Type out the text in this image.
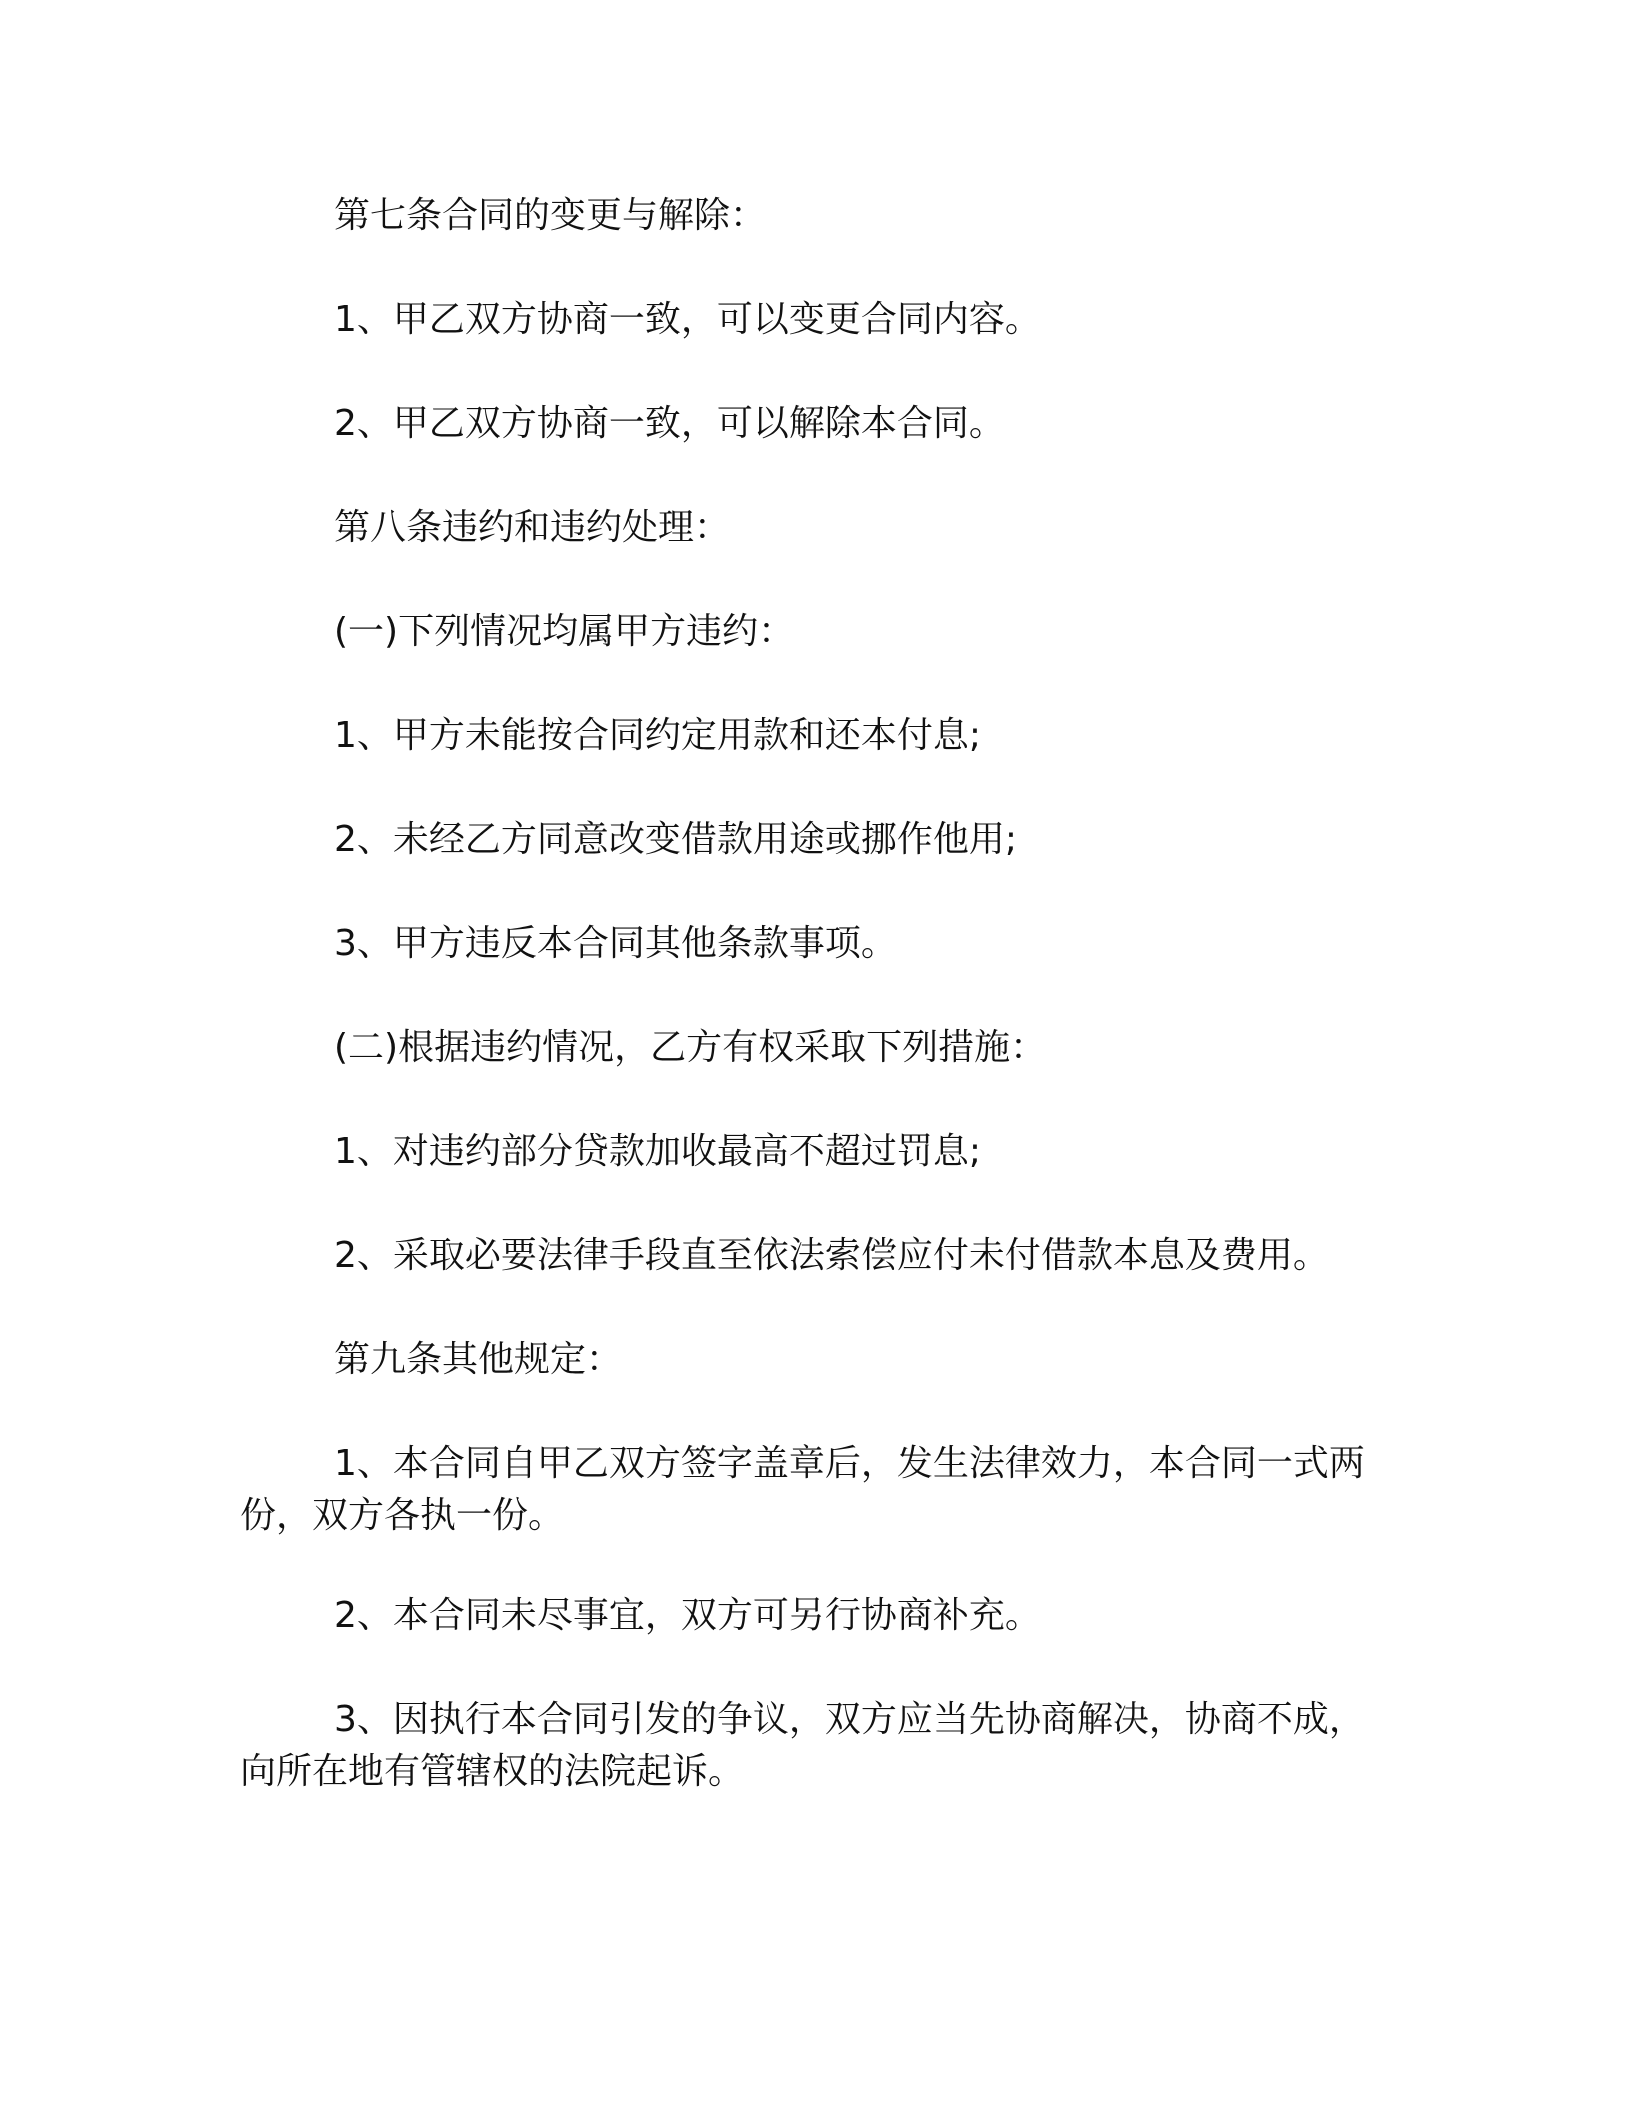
第七条合同的变更与解除：

1、甲乙双方协商一致，可以变更合同内容。

2、甲乙双方协商一致，可以解除本合同。

第八条违约和违约处理：

(一)下列情况均属甲方违约：

1、甲方未能按合同约定用款和还本付息;

2、未经乙方同意改变借款用途或挪作他用;

3、甲方违反本合同其他条款事项。

(二)根据违约情况，乙方有权采取下列措施：

1、对违约部分贷款加收最高不超过罚息;

2、采取必要法律手段直至依法索偿应付未付借款本息及费用。

第九条其他规定：

1、本合同自甲乙双方签字盖章后，发生法律效力，本合同一式两份，双方各执一份。

2、本合同未尽事宜，双方可另行协商补充。

3、因执行本合同引发的争议，双方应当先协商解决，协商不成，向所在地有管辖权的法院起诉。
